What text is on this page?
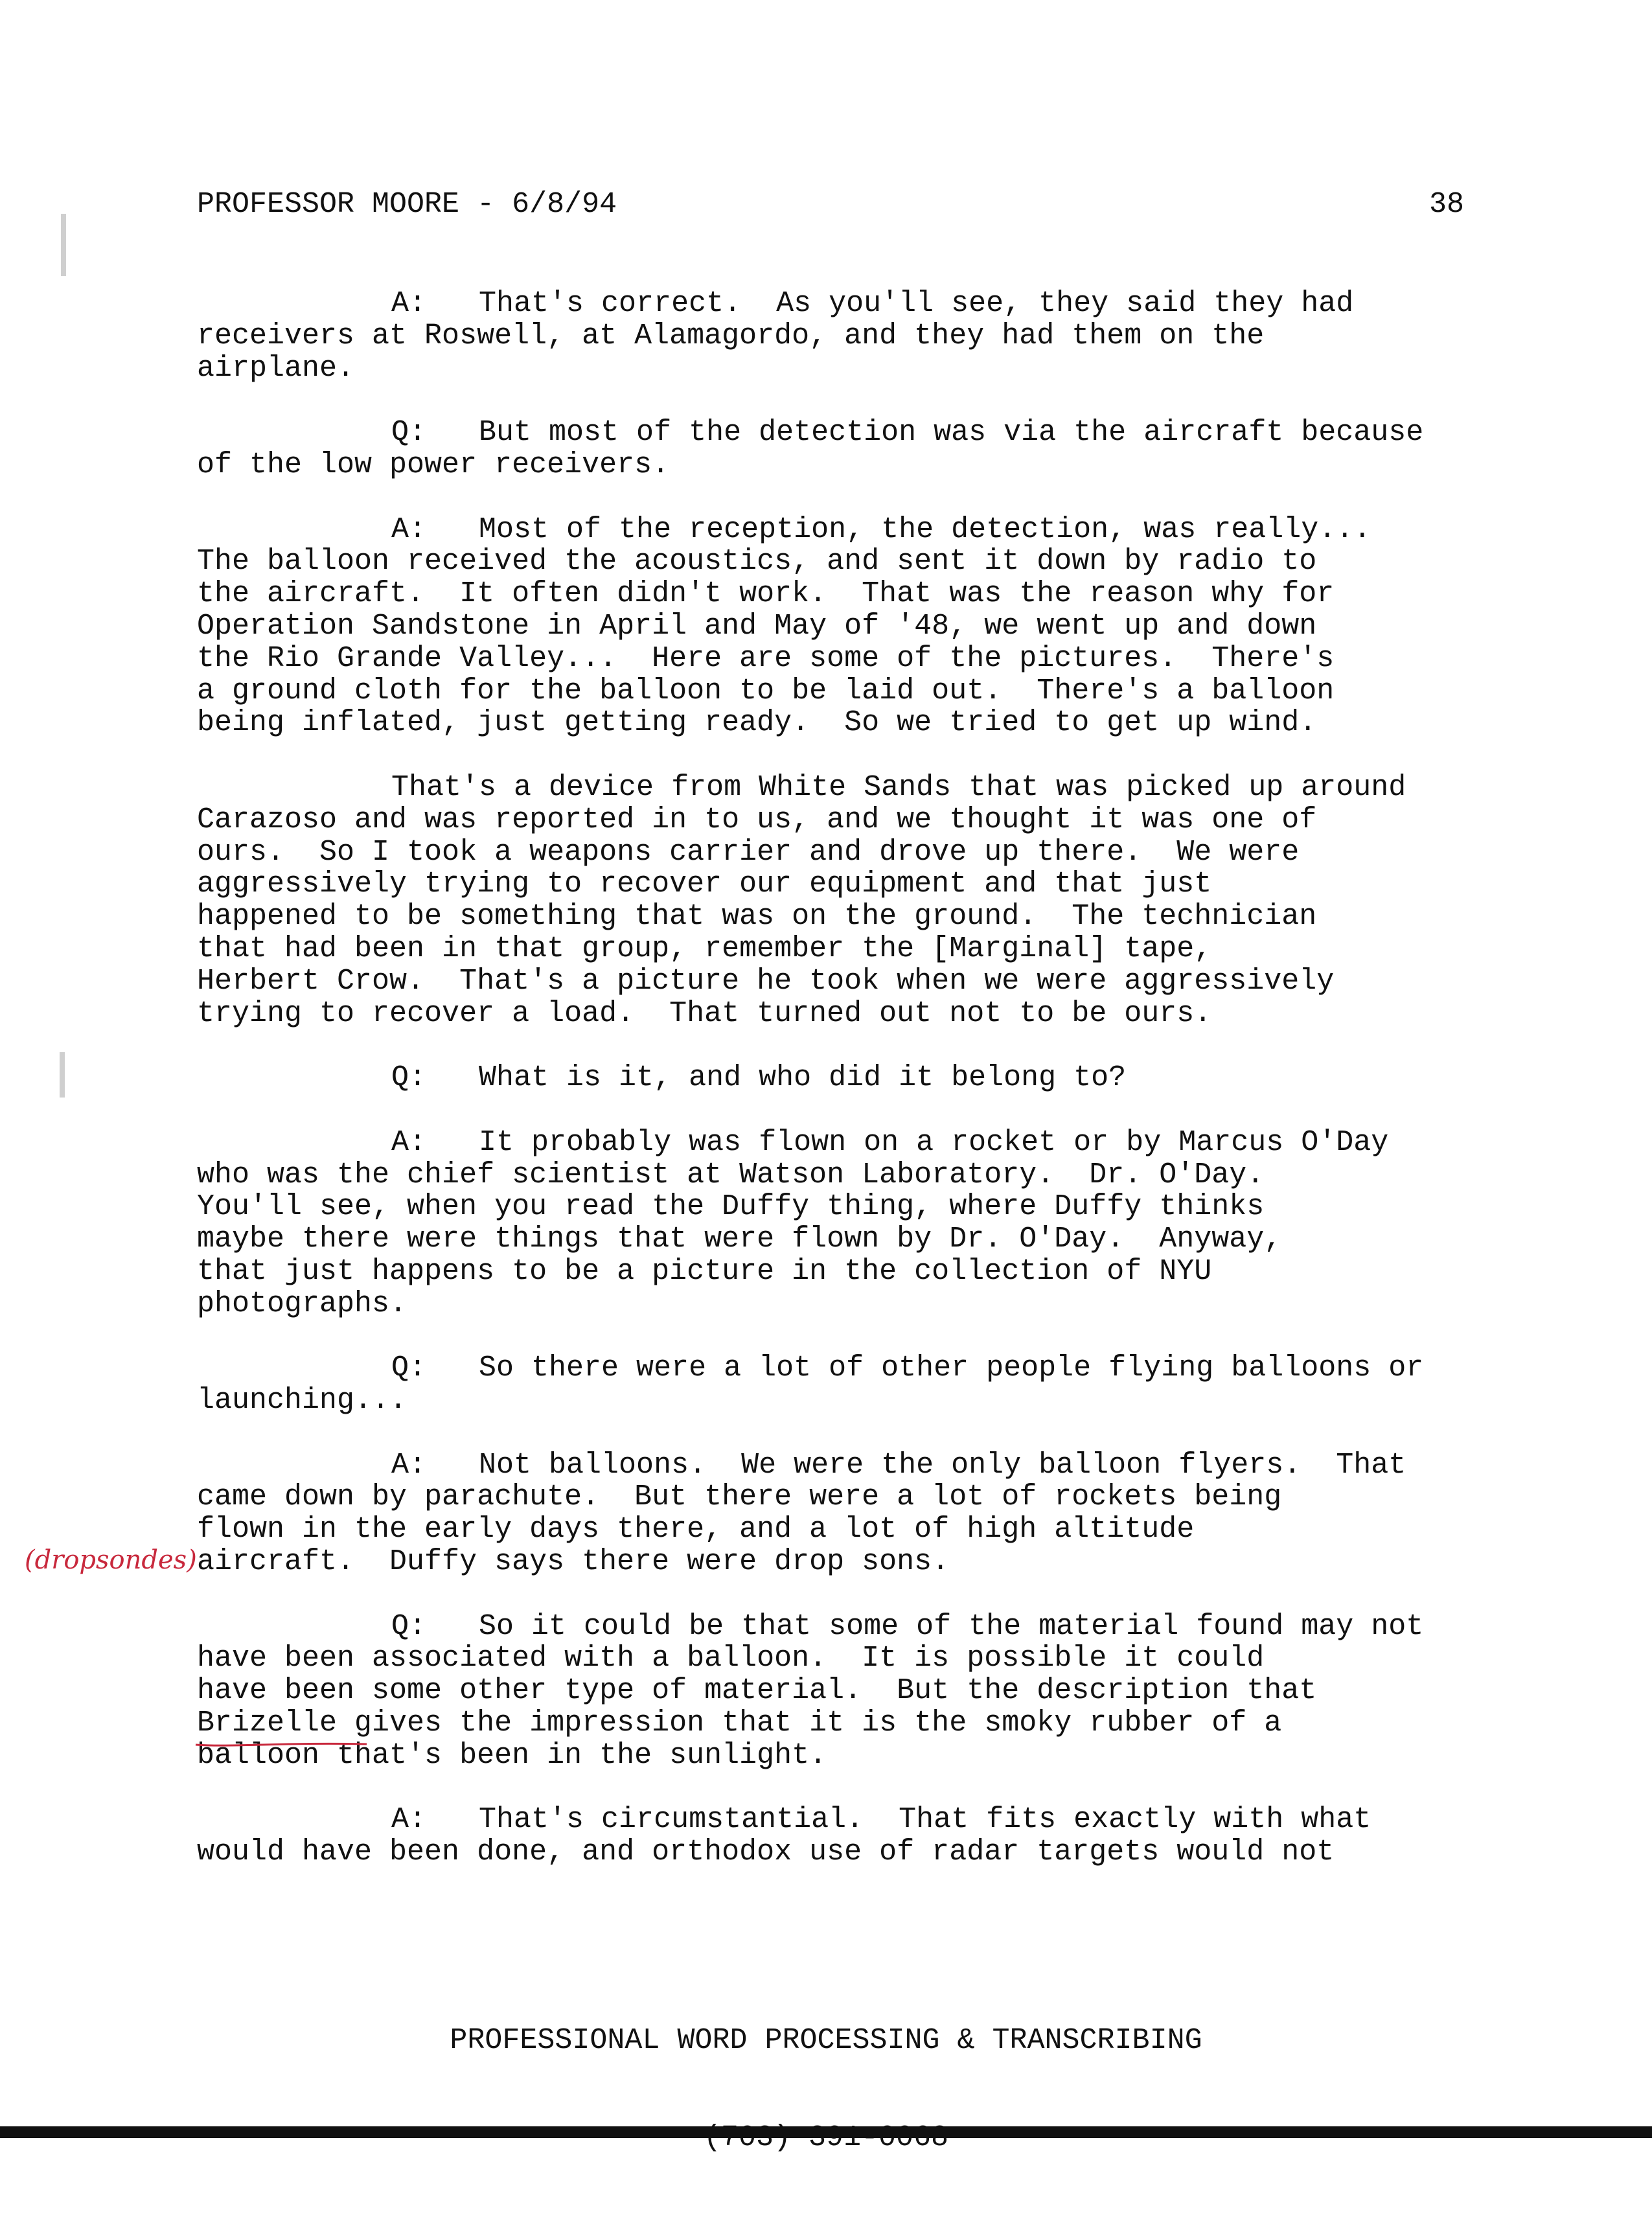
PROFESSOR MOORE - 6/8/94	38
A:   That's correct.  As you'll see, they said they had
receivers at Roswell, at Alamagordo, and they had them on the
airplane.
Q:   But most of the detection was via the aircraft because
of the low power receivers.
A:   Most of the reception, the detection, was really...
The balloon received the acoustics, and sent it down by radio to
the aircraft.  It often didn't work.  That was the reason why for
Operation Sandstone in April and May of '48, we went up and down
the Rio Grande Valley...  Here are some of the pictures.  There's
a ground cloth for the balloon to be laid out.  There's a balloon
being inflated, just getting ready.  So we tried to get up wind.
That's a device from White Sands that was picked up around
Carazoso and was reported in to us, and we thought it was one of
ours.  So I took a weapons carrier and drove up there.  We were
aggressively trying to recover our equipment and that just
happened to be something that was on the ground.  The technician
that had been in that group, remember the [Marginal] tape,
Herbert Crow.  That's a picture he took when we were aggressively
trying to recover a load.  That turned out not to be ours.
Q:   What is it, and who did it belong to?
A:   It probably was flown on a rocket or by Marcus O'Day
who was the chief scientist at Watson Laboratory.  Dr. O'Day.
You'll see, when you read the Duffy thing, where Duffy thinks
maybe there were things that were flown by Dr. O'Day.  Anyway,
that just happens to be a picture in the collection of NYU
photographs.
Q:   So there were a lot of other people flying balloons or
launching...
A:   Not balloons.  We were the only balloon flyers.  That
came down by parachute.  But there were a lot of rockets being
flown in the early days there, and a lot of high altitude
aircraft.  Duffy says there were drop sons.
Q:   So it could be that some of the material found may not
have been associated with a balloon.  It is possible it could
have been some other type of material.  But the description that
Brizelle gives the impression that it is the smoky rubber of a
balloon that's been in the sunlight.
A:   That's circumstantial.  That fits exactly with what
would have been done, and orthodox use of radar targets would not
(dropsondes)

PROFESSIONAL WORD PROCESSING & TRANSCRIBING
